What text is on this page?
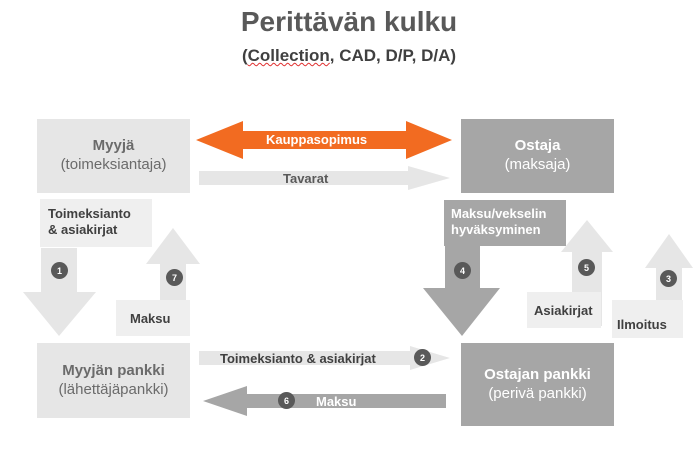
Perittävän kulku
(Collection, CAD, D/P, D/A)
Myyjä
(toimeksiantaja)
Ostaja
(maksaja)
Myyjän pankki
(lähettäjäpankki)
Ostajan pankki
(perivä pankki)
Kauppasopimus
Tavarat
Toimeksianto
& asiakirjat
Maksu
Toimeksianto & asiakirjat
Maksu
Maksu/vekselin
hyväksyminen
Asiakirjat
Ilmoitus
1
2
3
4	5
6
7
